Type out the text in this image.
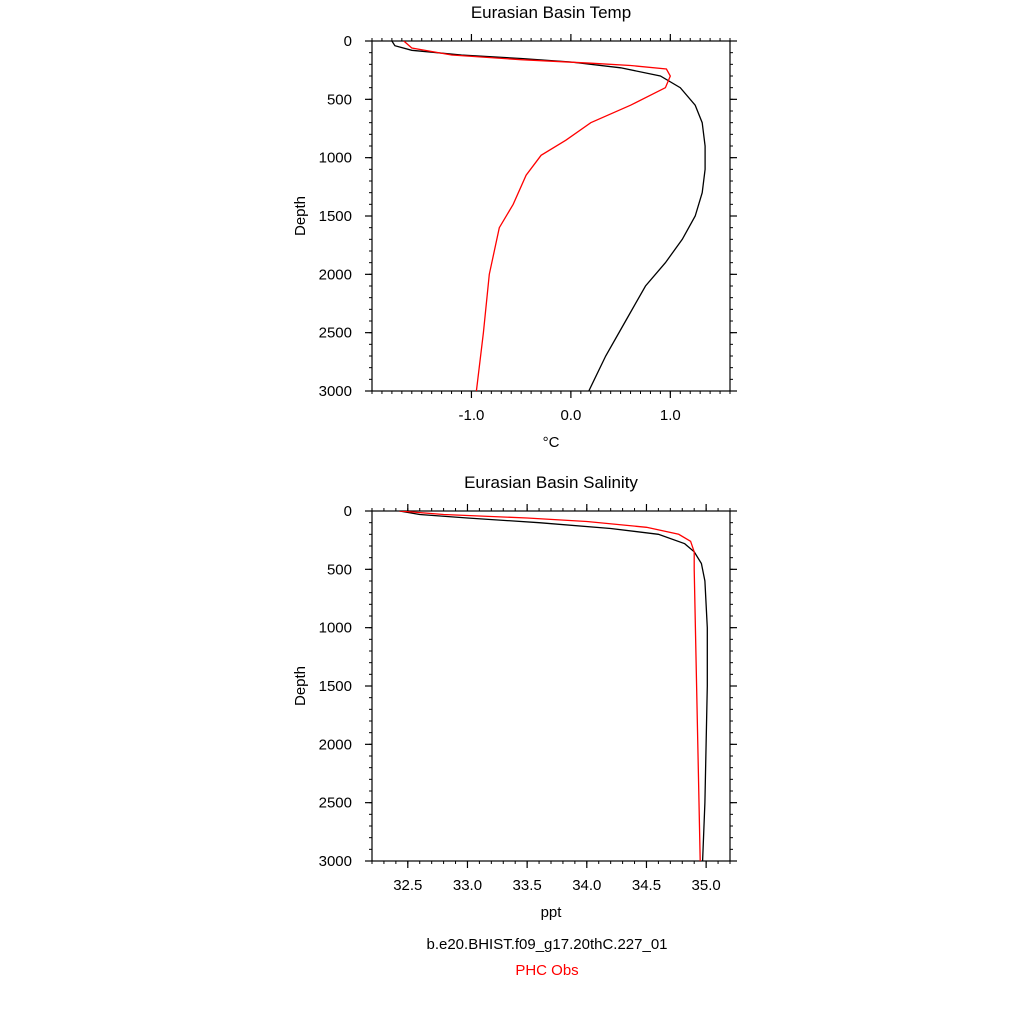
-1.0	0.0	1.0
0
500
1000
1500
2000
2500
3000
Eurasian Basin Temp
°C
Depth
32.5 33.0 33.5 34.0 34.5 35.0
0
500
1000
1500
2000
2500
3000
Eurasian Basin Salinity
ppt
Depth
b.e20.BHIST.f09_g17.20thC.227_01
PHC Obs
